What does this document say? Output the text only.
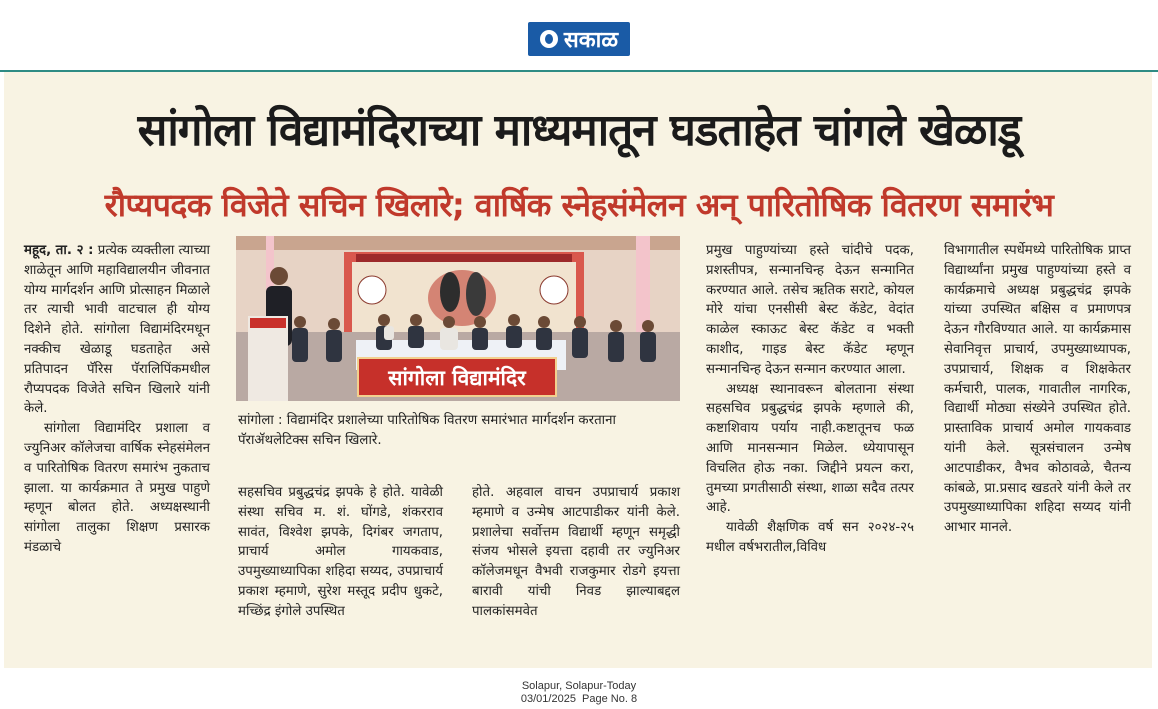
सकाळ
सांगोला विद्यामंदिराच्या माध्यमातून घडताहेत चांगले खेळाडू
रौप्यपदक विजेते सचिन खिलारे; वार्षिक स्नेहसंमेलन अन् पारितोषिक वितरण समारंभ

महूद, ता. २ : प्रत्येक व्यक्तीला त्याच्या शाळेतून आणि महाविद्यालयीन जीवनात योग्य मार्गदर्शन आणि प्रोत्साहन मिळाले तर त्याची भावी वाटचाल ही योग्य दिशेने होते. सांगोला विद्यामंदिरमधून नक्कीच खेळाडू घडताहेत असे प्रतिपादन पॅरिस पॅरालिपिंकमधील रौप्यपदक विजेते सचिन खिलारे यांनी केले.

सांगोला विद्यामंदिर प्रशाला व ज्युनिअर कॉलेजचा वार्षिक स्नेहसंमेलन व पारितोषिक वितरण समारंभ नुकताच झाला. या कार्यक्रमात ते प्रमुख पाहुणे म्हणून बोलत होते. अध्यक्षस्थानी सांगोला तालुका शिक्षण प्रसारक मंडळाचे

सांगोला विद्यामंदिर
सांगोला : विद्यामंदिर प्रशालेच्या पारितोषिक वितरण समारंभात मार्गदर्शन करताना पॅराॲथलेटिक्स सचिन खिलारे.

सहसचिव प्रबुद्धचंद्र झपके हे होते. यावेळी संस्था सचिव म. शं. घोंगडे, शंकरराव सावंत, विश्वेश झपके, दिगंबर जगताप, प्राचार्य अमोल गायकवाड, उपमुख्याध्यापिका शहिदा सय्यद, उपप्राचार्य प्रकाश म्हमाणे, सुरेश मस्तूद प्रदीप धुकटे, मच्छिंद्र इंगोले उपस्थित

होते. अहवाल वाचन उपप्राचार्य प्रकाश म्हमाणे व उन्मेष आटपाडीकर यांनी केले. प्रशालेचा सर्वोत्तम विद्यार्थी म्हणून समृद्धी संजय भोसले इयत्ता दहावी तर ज्युनिअर कॉलेजमधून वैभवी राजकुमार रोडगे इयत्ता बारावी यांची निवड झाल्याबद्दल पालकांसमवेत

प्रमुख पाहुण्यांच्या हस्ते चांदीचे पदक, प्रशस्तीपत्र, सन्मानचिन्ह देऊन सन्मानित करण्यात आले. तसेच ऋतिक सराटे, कोयल मोरे यांचा एनसीसी बेस्ट कॅडेट, वेदांत काळेल स्काऊट बेस्ट कॅडेट व भक्ती काशीद, गाइड बेस्ट कॅडेट म्हणून सन्मानचिन्ह देऊन सन्मान करण्यात आला.

अध्यक्ष स्थानावरून बोलताना संस्था सहसचिव प्रबुद्धचंद्र झपके म्हणाले की, कष्टाशिवाय पर्याय नाही.कष्टातूनच फळ आणि मानसन्मान मिळेल. ध्येयापासून विचलित होऊ नका. जिद्दीने प्रयत्न करा, तुमच्या प्रगतीसाठी संस्था, शाळा सदैव तत्पर आहे.

यावेळी शैक्षणिक वर्ष सन २०२४-२५ मधील वर्षभरातील,विविध

विभागातील स्पर्धेमध्ये पारितोषिक प्राप्त विद्यार्थ्यांना प्रमुख पाहुण्यांच्या हस्ते व कार्यक्रमाचे अध्यक्ष प्रबुद्धचंद्र झपके यांच्या उपस्थित बक्षिस व प्रमाणपत्र देऊन गौरविण्यात आले. या कार्यक्रमास सेवानिवृत्त प्राचार्य, उपमुख्याध्यापक, उपप्राचार्य, शिक्षक व शिक्षकेतर कर्मचारी, पालक, गावातील नागरिक, विद्यार्थी मोठ्या संख्येने उपस्थित होते. प्रास्ताविक प्राचार्य अमोल गायकवाड यांनी केले. सूत्रसंचालन उन्मेष आटपाडीकर, वैभव कोठावळे, चैतन्य कांबळे, प्रा.प्रसाद खडतरे यांनी केले तर उपमुख्याध्यापिका शहिदा सय्यद यांनी आभार मानले.

Solapur, Solapur-Today
03/01/2025  Page No. 8
